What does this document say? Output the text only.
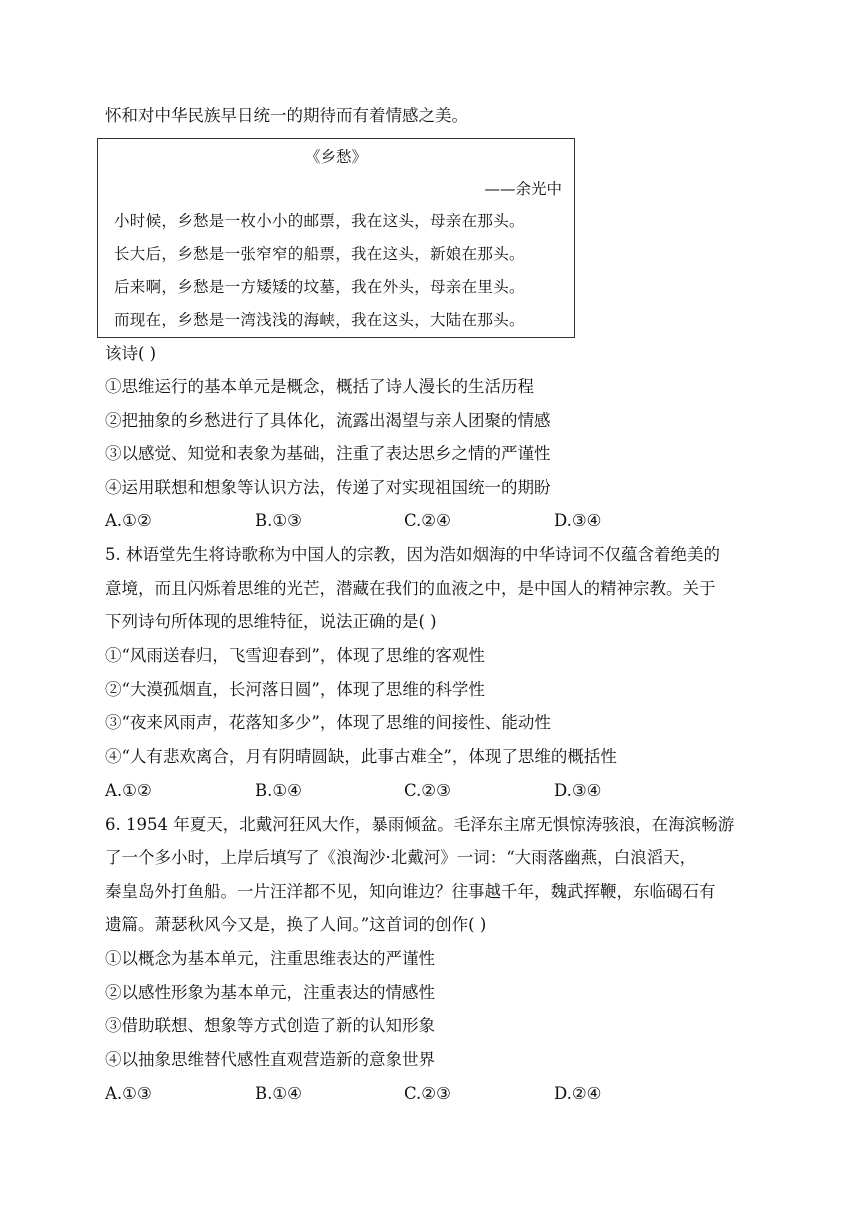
怀和对中华民族早日统一的期待而有着情感之美。
《乡愁》
——余光中
小时候，乡愁是一枚小小的邮票，我在这头，母亲在那头。
长大后，乡愁是一张窄窄的船票，我在这头，新娘在那头。
后来啊，乡愁是一方矮矮的坟墓，我在外头，母亲在里头。
而现在，乡愁是一湾浅浅的海峡，我在这头，大陆在那头。
该诗( )
①思维运行的基本单元是概念，概括了诗人漫长的生活历程
②把抽象的乡愁进行了具体化，流露出渴望与亲人团聚的情感
③以感觉、知觉和表象为基础，注重了表达思乡之情的严谨性
④运用联想和想象等认识方法，传递了对实现祖国统一的期盼
A.①②	B.①③	C.②④	D.③④
5. 林语堂先生将诗歌称为中国人的宗教，因为浩如烟海的中华诗词不仅蕴含着绝美的
意境，而且闪烁着思维的光芒，潜藏在我们的血液之中，是中国人的精神宗教。关于
下列诗句所体现的思维特征，说法正确的是( )
①“风雨送春归，飞雪迎春到”，体现了思维的客观性
②“大漠孤烟直，长河落日圆”，体现了思维的科学性
③“夜来风雨声，花落知多少”，体现了思维的间接性、能动性
④“人有悲欢离合，月有阴晴圆缺，此事古难全”，体现了思维的概括性
A.①②	B.①④	C.②③	D.③④
6. 1954 年夏天，北戴河狂风大作，暴雨倾盆。毛泽东主席无惧惊涛骇浪，在海滨畅游
了一个多小时，上岸后填写了《浪淘沙·北戴河》一词：“大雨落幽燕，白浪滔天，
秦皇岛外打鱼船。一片汪洋都不见，知向谁边？往事越千年，魏武挥鞭，东临碣石有
遗篇。萧瑟秋风今又是，换了人间。”这首词的创作( )
①以概念为基本单元，注重思维表达的严谨性
②以感性形象为基本单元，注重表达的情感性
③借助联想、想象等方式创造了新的认知形象
④以抽象思维替代感性直观营造新的意象世界
A.①③	B.①④	C.②③	D.②④
